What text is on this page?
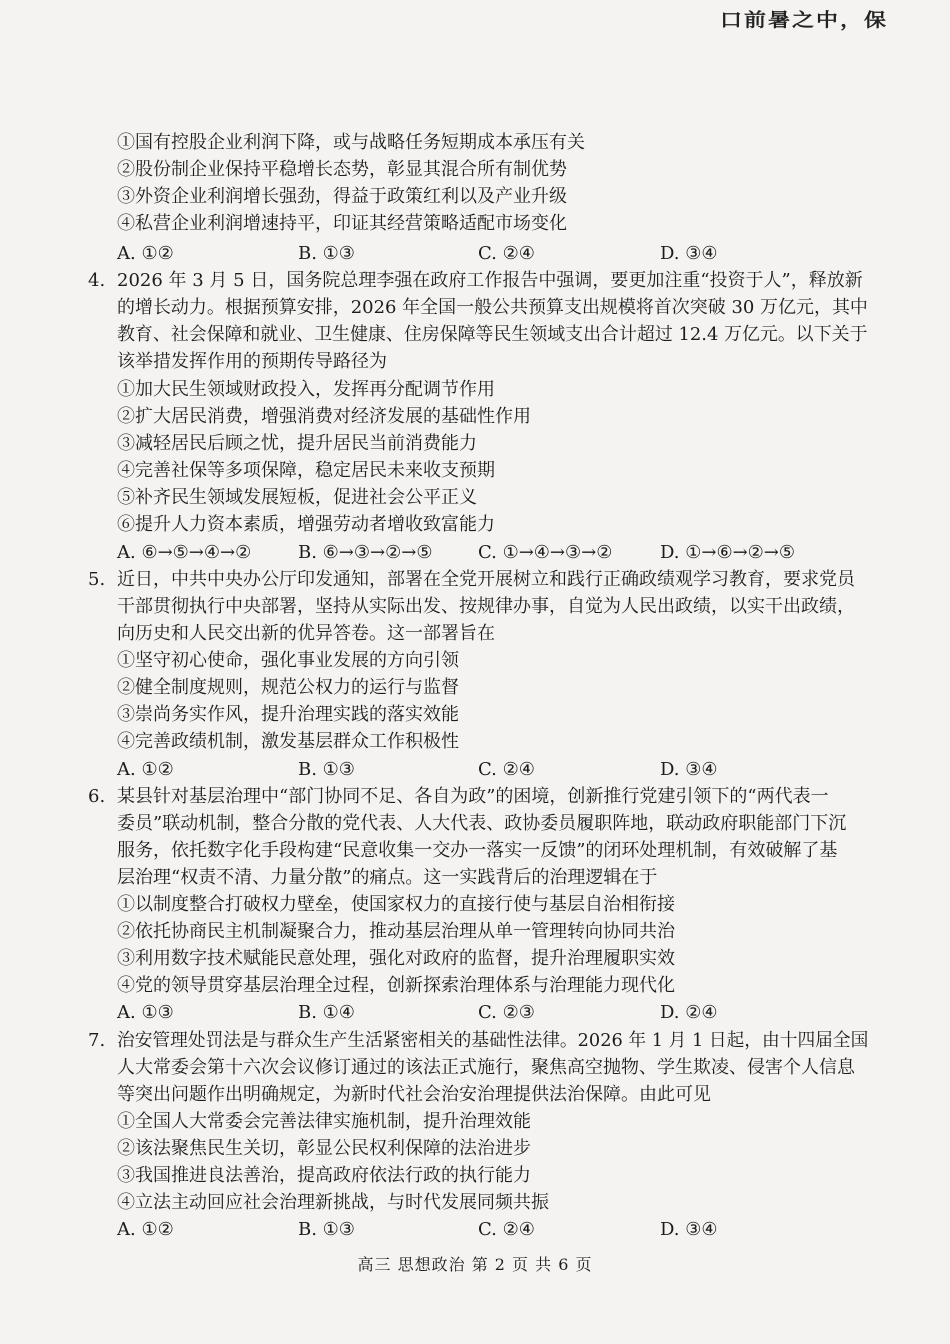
口前暑之中，保
①国有控股企业利润下降，或与战略任务短期成本承压有关
②股份制企业保持平稳增长态势，彰显其混合所有制优势
③外资企业利润增长强劲，得益于政策红利以及产业升级
④私营企业利润增速持平，印证其经营策略适配市场变化
A. ①②	B. ①③	C. ②④	D. ③④
4. 2026 年 3 月 5 日，国务院总理李强在政府工作报告中强调，要更加注重“投资于人”，释放新
的增长动力。根据预算安排，2026 年全国一般公共预算支出规模将首次突破 30 万亿元，其中
教育、社会保障和就业、卫生健康、住房保障等民生领域支出合计超过 12.4 万亿元。以下关于
该举措发挥作用的预期传导路径为
①加大民生领域财政投入，发挥再分配调节作用
②扩大居民消费，增强消费对经济发展的基础性作用
③减轻居民后顾之忧，提升居民当前消费能力
④完善社保等多项保障，稳定居民未来收支预期
⑤补齐民生领域发展短板，促进社会公平正义
⑥提升人力资本素质，增强劳动者增收致富能力
A. ⑥→⑤→④→②	B. ⑥→③→②→⑤	C. ①→④→③→②	D. ①→⑥→②→⑤
5. 近日，中共中央办公厅印发通知，部署在全党开展树立和践行正确政绩观学习教育，要求党员
干部贯彻执行中央部署，坚持从实际出发、按规律办事，自觉为人民出政绩，以实干出政绩，
向历史和人民交出新的优异答卷。这一部署旨在
①坚守初心使命，强化事业发展的方向引领
②健全制度规则，规范公权力的运行与监督
③崇尚务实作风，提升治理实践的落实效能
④完善政绩机制，激发基层群众工作积极性
A. ①②	B. ①③	C. ②④	D. ③④
6. 某县针对基层治理中“部门协同不足、各自为政”的困境，创新推行党建引领下的“两代表一
委员”联动机制，整合分散的党代表、人大代表、政协委员履职阵地，联动政府职能部门下沉
服务，依托数字化手段构建“民意收集一交办一落实一反馈”的闭环处理机制，有效破解了基
层治理“权责不清、力量分散”的痛点。这一实践背后的治理逻辑在于
①以制度整合打破权力壁垒，使国家权力的直接行使与基层自治相衔接
②依托协商民主机制凝聚合力，推动基层治理从单一管理转向协同共治
③利用数字技术赋能民意处理，强化对政府的监督，提升治理履职实效
④党的领导贯穿基层治理全过程，创新探索治理体系与治理能力现代化
A. ①③	B. ①④	C. ②③	D. ②④
7. 治安管理处罚法是与群众生产生活紧密相关的基础性法律。2026 年 1 月 1 日起，由十四届全国
人大常委会第十六次会议修订通过的该法正式施行，聚焦高空抛物、学生欺凌、侵害个人信息
等突出问题作出明确规定，为新时代社会治安治理提供法治保障。由此可见
①全国人大常委会完善法律实施机制，提升治理效能
②该法聚焦民生关切，彰显公民权利保障的法治进步
③我国推进良法善治，提高政府依法行政的执行能力
④立法主动回应社会治理新挑战，与时代发展同频共振
A. ①②	B. ①③	C. ②④	D. ③④
高三 思想政治 第 2 页 共 6 页
